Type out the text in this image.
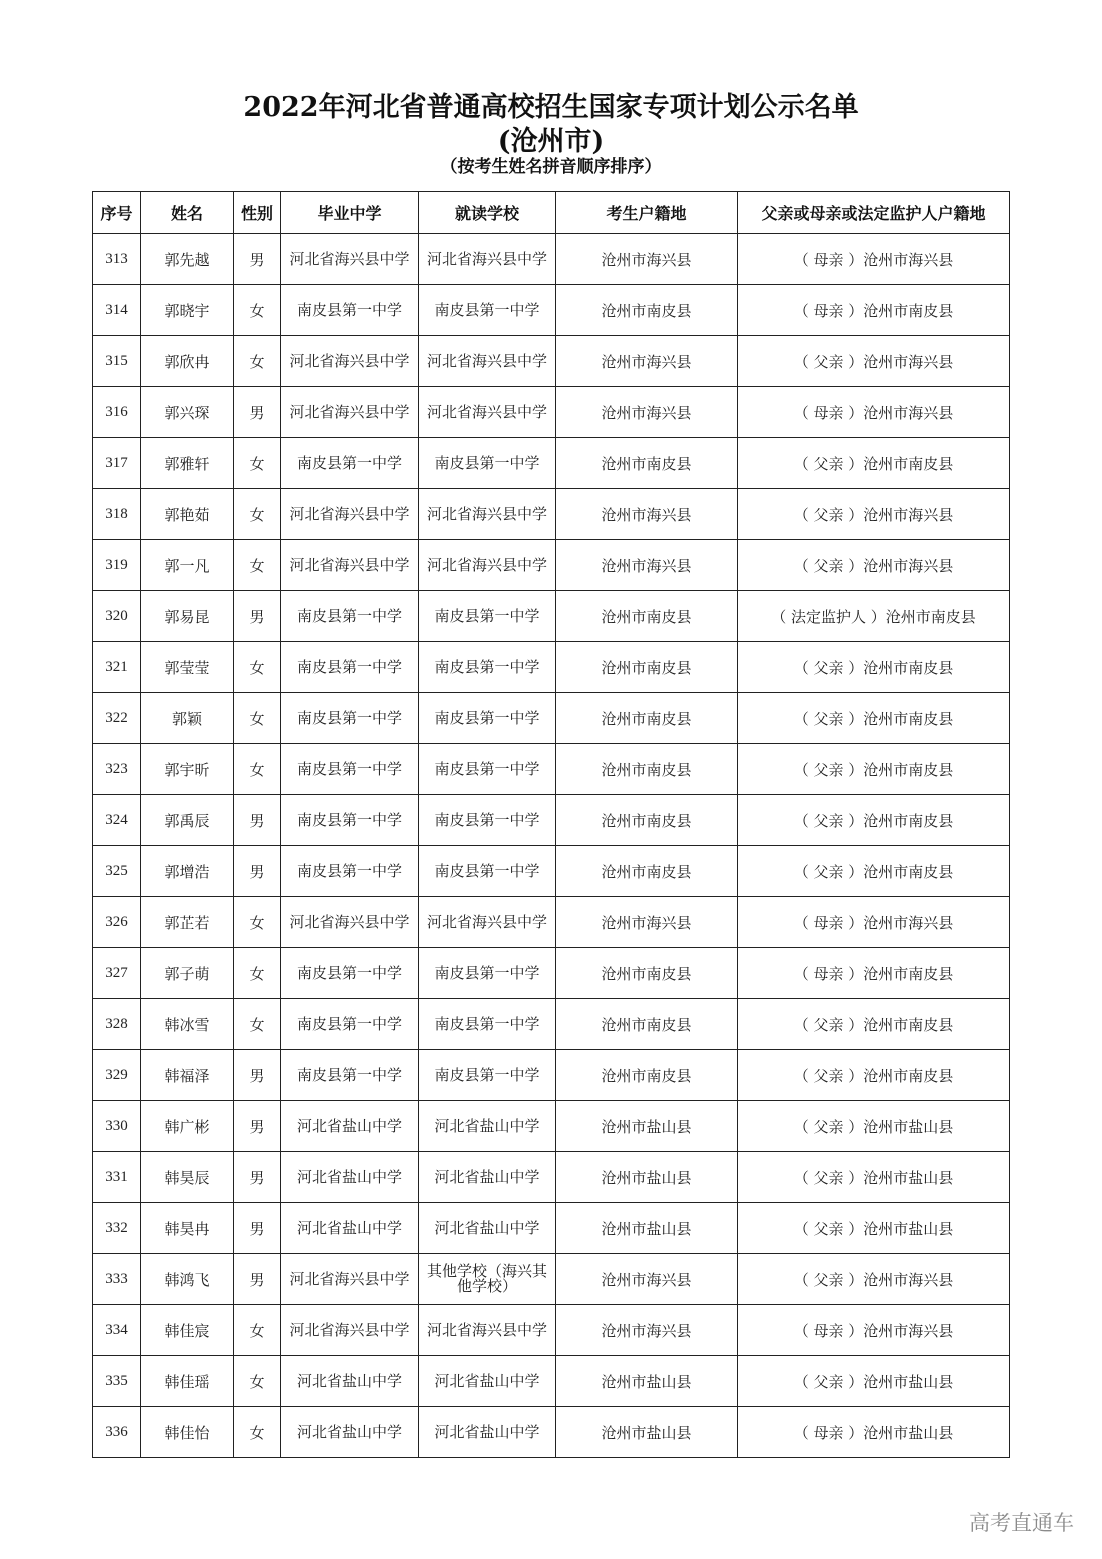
2022年河北省普通高校招生国家专项计划公示名单
(沧州市)
（按考生姓名拼音顺序排序）
序号	姓名	性别	毕业中学	就读学校	考生户籍地	父亲或母亲或法定监护人户籍地
313	郭先越	男	河北省海兴县中学	河北省海兴县中学	沧州市海兴县	（ 母亲 ）沧州市海兴县
314	郭晓宇	女	南皮县第一中学	南皮县第一中学	沧州市南皮县	（ 母亲 ）沧州市南皮县
315	郭欣冉	女	河北省海兴县中学	河北省海兴县中学	沧州市海兴县	（ 父亲 ）沧州市海兴县
316	郭兴琛	男	河北省海兴县中学	河北省海兴县中学	沧州市海兴县	（ 母亲 ）沧州市海兴县
317	郭雅轩	女	南皮县第一中学	南皮县第一中学	沧州市南皮县	（ 父亲 ）沧州市南皮县
318	郭艳茹	女	河北省海兴县中学	河北省海兴县中学	沧州市海兴县	（ 父亲 ）沧州市海兴县
319	郭一凡	女	河北省海兴县中学	河北省海兴县中学	沧州市海兴县	（ 父亲 ）沧州市海兴县
320	郭易昆	男	南皮县第一中学	南皮县第一中学	沧州市南皮县	（ 法定监护人 ）沧州市南皮县
321	郭莹莹	女	南皮县第一中学	南皮县第一中学	沧州市南皮县	（ 父亲 ）沧州市南皮县
322	郭颖	女	南皮县第一中学	南皮县第一中学	沧州市南皮县	（ 父亲 ）沧州市南皮县
323	郭宇昕	女	南皮县第一中学	南皮县第一中学	沧州市南皮县	（ 父亲 ）沧州市南皮县
324	郭禹辰	男	南皮县第一中学	南皮县第一中学	沧州市南皮县	（ 父亲 ）沧州市南皮县
325	郭增浩	男	南皮县第一中学	南皮县第一中学	沧州市南皮县	（ 父亲 ）沧州市南皮县
326	郭芷若	女	河北省海兴县中学	河北省海兴县中学	沧州市海兴县	（ 母亲 ）沧州市海兴县
327	郭子萌	女	南皮县第一中学	南皮县第一中学	沧州市南皮县	（ 母亲 ）沧州市南皮县
328	韩冰雪	女	南皮县第一中学	南皮县第一中学	沧州市南皮县	（ 父亲 ）沧州市南皮县
329	韩福泽	男	南皮县第一中学	南皮县第一中学	沧州市南皮县	（ 父亲 ）沧州市南皮县
330	韩广彬	男	河北省盐山中学	河北省盐山中学	沧州市盐山县	（ 父亲 ）沧州市盐山县
331	韩昊辰	男	河北省盐山中学	河北省盐山中学	沧州市盐山县	（ 父亲 ）沧州市盐山县
332	韩昊冉	男	河北省盐山中学	河北省盐山中学	沧州市盐山县	（ 父亲 ）沧州市盐山县
333	韩鸿飞	男	河北省海兴县中学	其他学校（海兴其他学校）	沧州市海兴县	（ 父亲 ）沧州市海兴县
334	韩佳宸	女	河北省海兴县中学	河北省海兴县中学	沧州市海兴县	（ 母亲 ）沧州市海兴县
335	韩佳瑶	女	河北省盐山中学	河北省盐山中学	沧州市盐山县	（ 父亲 ）沧州市盐山县
336	韩佳怡	女	河北省盐山中学	河北省盐山中学	沧州市盐山县	（ 母亲 ）沧州市盐山县
高考直通车
